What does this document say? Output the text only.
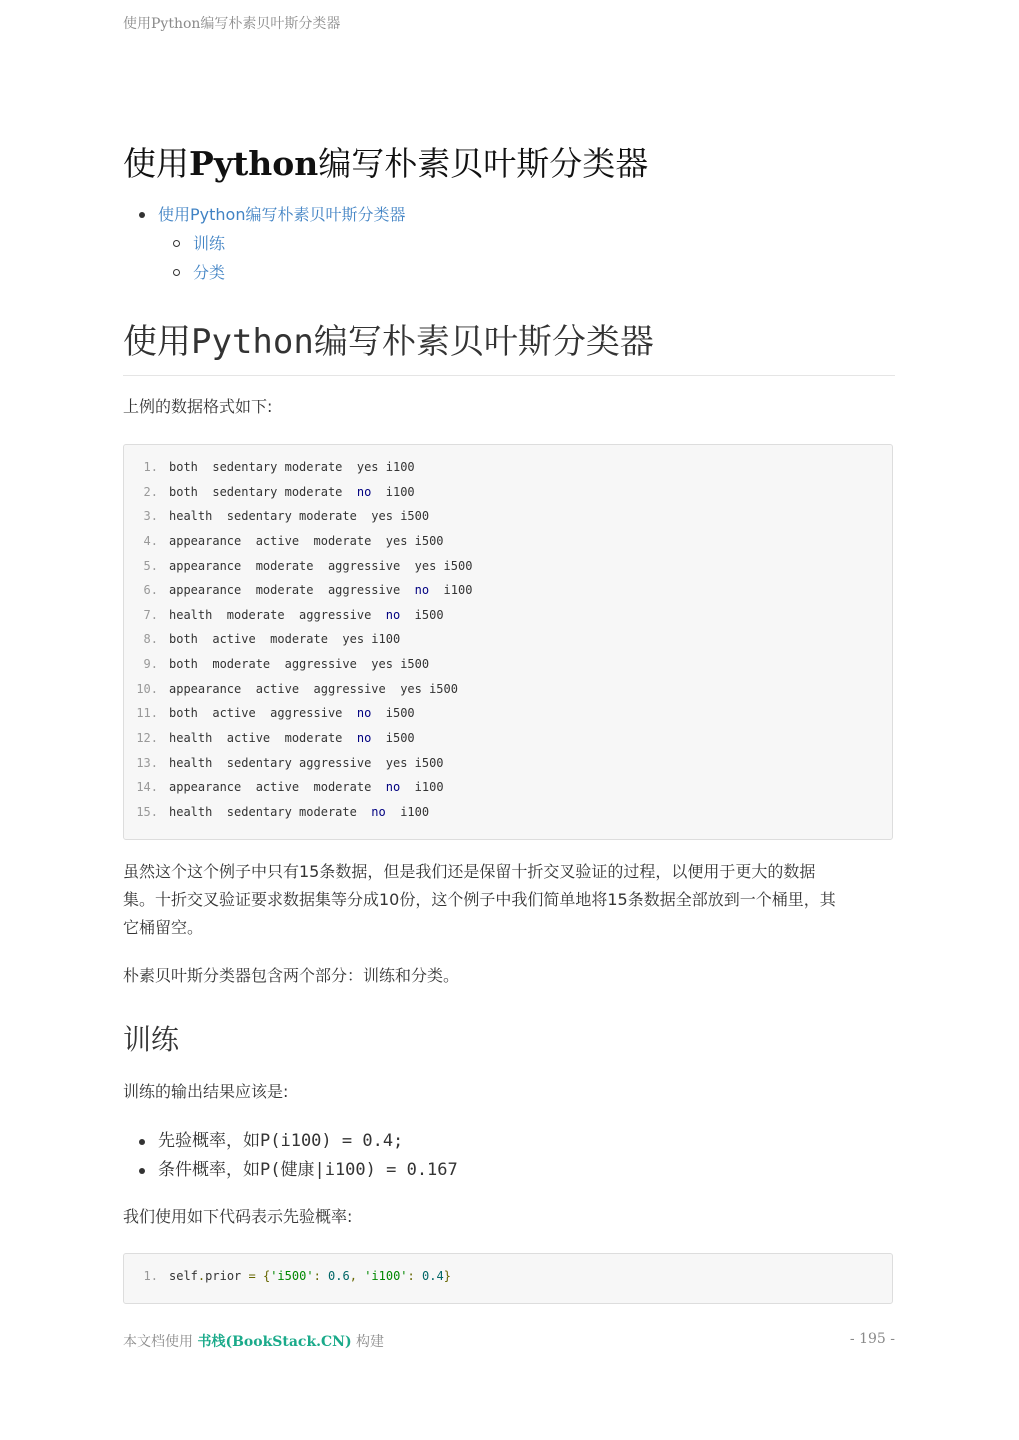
使用Python编写朴素贝叶斯分类器
使用Python编写朴素贝叶斯分类器
使用Python编写朴素贝叶斯分类器
训练
分类
使用Python编写朴素贝叶斯分类器

上例的数据格式如下:

1. both  sedentary moderate  yes i100
2. both  sedentary moderate  no  i100
3. health  sedentary moderate  yes i500
4. appearance  active  moderate  yes i500
5. appearance  moderate  aggressive  yes i500
6. appearance  moderate  aggressive  no  i100
7. health  moderate  aggressive  no  i500
8. both  active  moderate  yes i100
9. both  moderate  aggressive  yes i500
10. appearance  active  aggressive  yes i500
11. both  active  aggressive  no  i500
12. health  active  moderate  no  i500
13. health  sedentary aggressive  yes i500
14. appearance  active  moderate  no  i100
15. health  sedentary moderate  no  i100

虽然这个这个例子中只有15条数据，但是我们还是保留十折交叉验证的过程，以便用于更大的数据

集。十折交叉验证要求数据集等分成10份，这个例子中我们简单地将15条数据全部放到一个桶里，其

它桶留空。

朴素贝叶斯分类器包含两个部分：训练和分类。

训练

训练的输出结果应该是:

先验概率，如P(i100) = 0.4;
条件概率，如P(健康|i100) = 0.167

我们使用如下代码表示先验概率:

1. self.prior = {'i500': 0.6, 'i100': 0.4}
本文档使用 书栈(BookStack.CN) 构建	- 195 -
